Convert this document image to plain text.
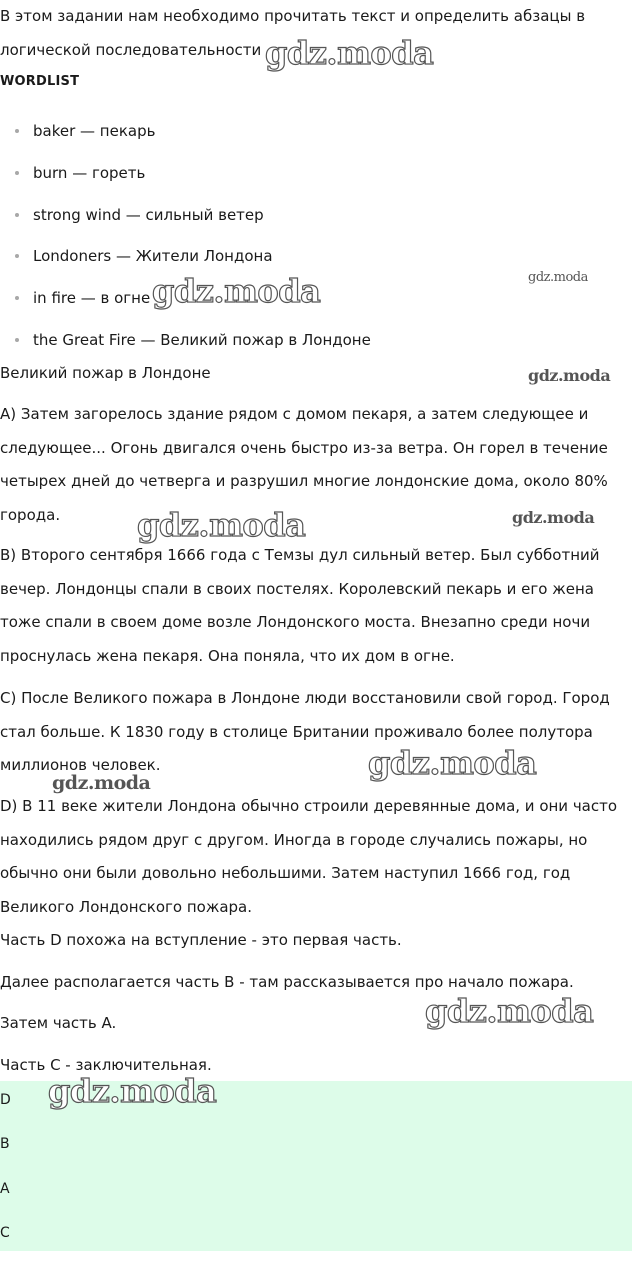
В этом задании нам необходимо прочитать текст и определить абзацы в логической последовательности

WORDLIST
baker — пекарь
burn — гореть
strong wind — сильный ветер
Londoners — Жители Лондона
in fire — в огне
the Great Fire — Великий пожар в Лондоне

Великий пожар в Лондоне

A) Затем загорелось здание рядом с домом пекаря, а затем следующее и следующее... Огонь двигался очень быстро из-за ветра. Он горел в течение четырех дней до четверга и разрушил многие лондонские дома, около 80% города.

B) Второго сентября 1666 года с Темзы дул сильный ветер. Был субботний вечер. Лондонцы спали в своих постелях. Королевский пекарь и его жена тоже спали в своем доме возле Лондонского моста. Внезапно среди ночи проснулась жена пекаря. Она поняла, что их дом в огне.

C) После Великого пожара в Лондоне люди восстановили свой город. Город стал больше. К 1830 году в столице Британии проживало более полутора миллионов человек.

D) В 11 веке жители Лондона обычно строили деревянные дома, и они часто находились рядом друг с другом. Иногда в городе случались пожары, но обычно они были довольно небольшими. Затем наступил 1666 год, год Великого Лондонского пожара.

Часть D похожа на вступление - это первая часть.

Далее располагается часть B - там рассказывается про начало пожара.

Затем часть A.

Часть C - заключительная.

D
B
A
C
gdz.moda
gdz.moda	gdz.moda
gdz.moda
gdz.moda	gdz.moda
gdz.moda
gdz.moda
gdz.moda
gdz.moda
